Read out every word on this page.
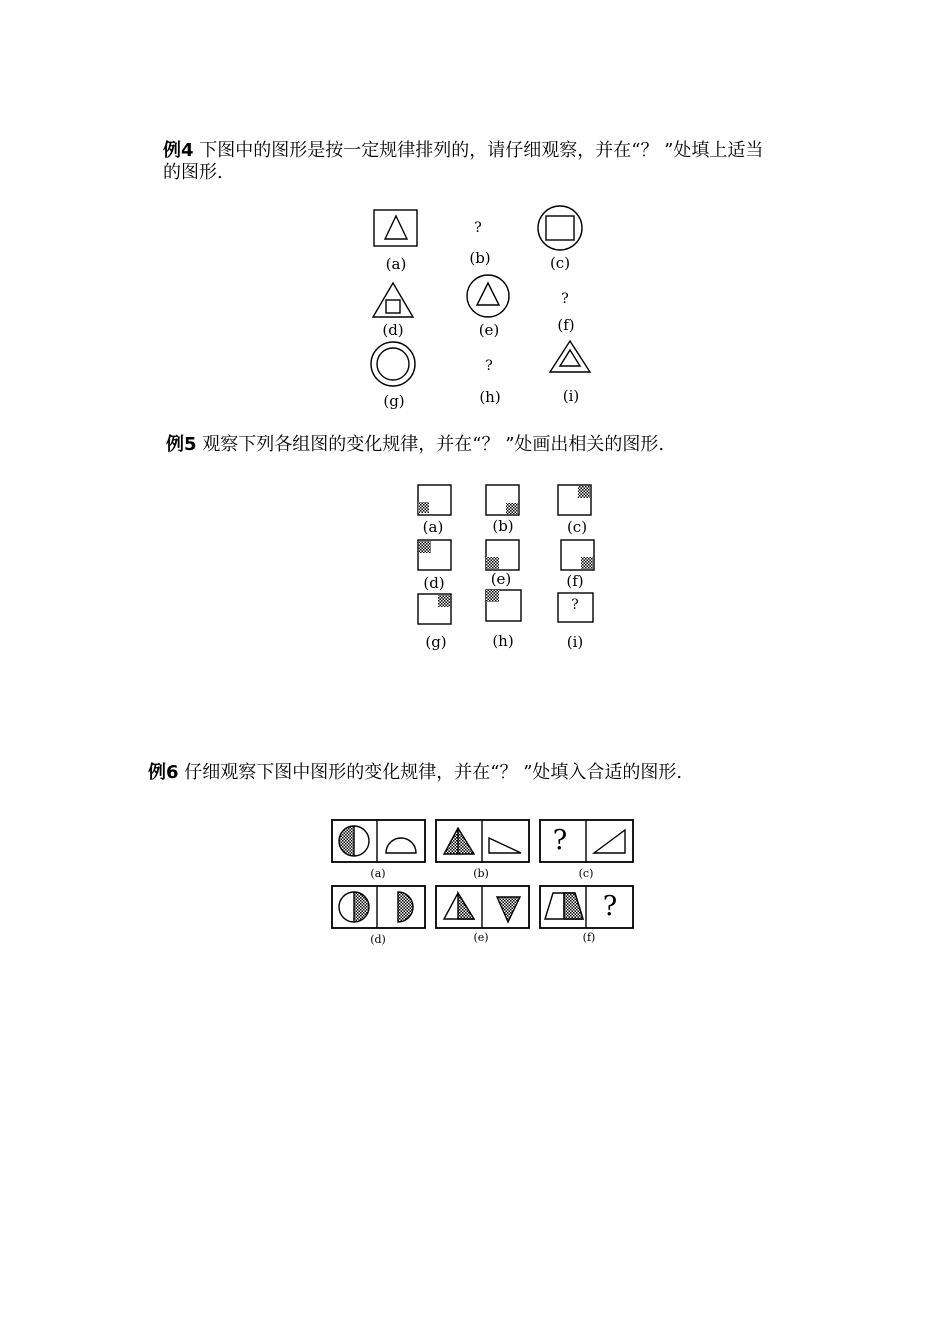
例4 下图中的图形是按一定规律排列的，请仔细观察，并在“？ ”处填上适当
的图形.
例5 观察下列各组图的变化规律，并在“？ ”处画出相关的图形.
例6 仔细观察下图中图形的变化规律，并在“？ ”处填入合适的图形.
(a)
?
(b)	(c)
(d)	(e)
?
(f)
(g)
?
(h)	(i)
(a)	(b)	(c)
(d)	(e)	(f)
(g)	(h)
?
(i)
?
?
(a)	(b)	(c)
(d)	(e)	(f)
